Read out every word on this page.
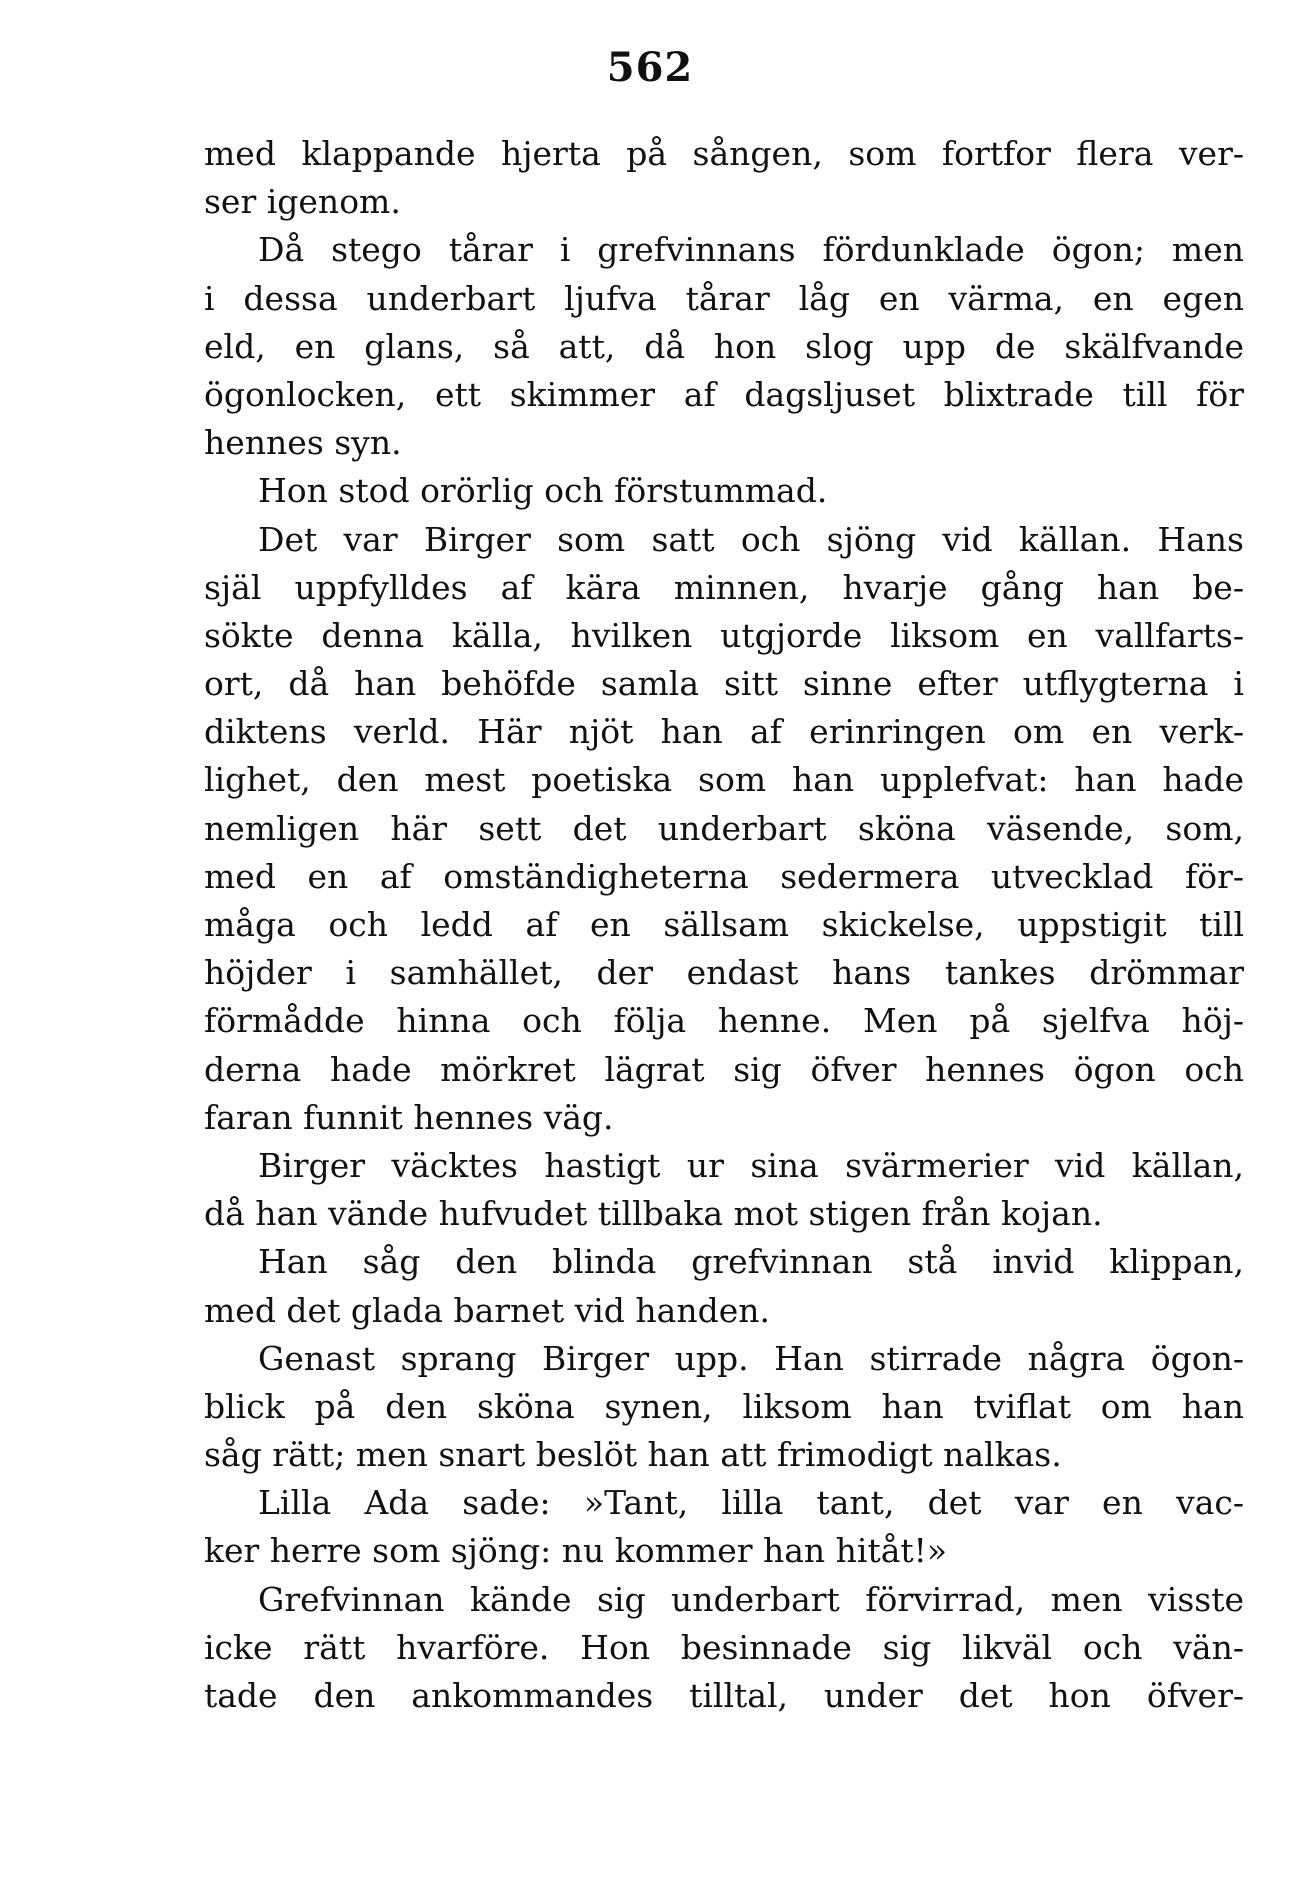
562
med klappande hjerta på sången, som fortfor flera ver-
ser igenom.
Då stego tårar i grefvinnans fördunklade ögon; men
i dessa underbart ljufva tårar låg en värma, en egen
eld, en glans, så att, då hon slog upp de skälfvande
ögonlocken, ett skimmer af dagsljuset blixtrade till för
hennes syn.
Hon stod orörlig och förstummad.
Det var Birger som satt och sjöng vid källan. Hans
själ uppfylldes af kära minnen, hvarje gång han be-
sökte denna källa, hvilken utgjorde liksom en vallfarts-
ort, då han behöfde samla sitt sinne efter utflygterna i
diktens verld. Här njöt han af erinringen om en verk-
lighet, den mest poetiska som han upplefvat: han hade
nemligen här sett det underbart sköna väsende, som,
med en af omständigheterna sedermera utvecklad för-
måga och ledd af en sällsam skickelse, uppstigit till
höjder i samhället, der endast hans tankes drömmar
förmådde hinna och följa henne. Men på sjelfva höj-
derna hade mörkret lägrat sig öfver hennes ögon och
faran funnit hennes väg.
Birger väcktes hastigt ur sina svärmerier vid källan,
då han vände hufvudet tillbaka mot stigen från kojan.
Han såg den blinda grefvinnan stå invid klippan,
med det glada barnet vid handen.
Genast sprang Birger upp. Han stirrade några ögon-
blick på den sköna synen, liksom han tviflat om han
såg rätt; men snart beslöt han att frimodigt nalkas.
Lilla Ada sade: »Tant, lilla tant, det var en vac-
ker herre som sjöng: nu kommer han hitåt!»
Grefvinnan kände sig underbart förvirrad, men visste
icke rätt hvarföre. Hon besinnade sig likväl och vän-
tade den ankommandes tilltal, under det hon öfver-
